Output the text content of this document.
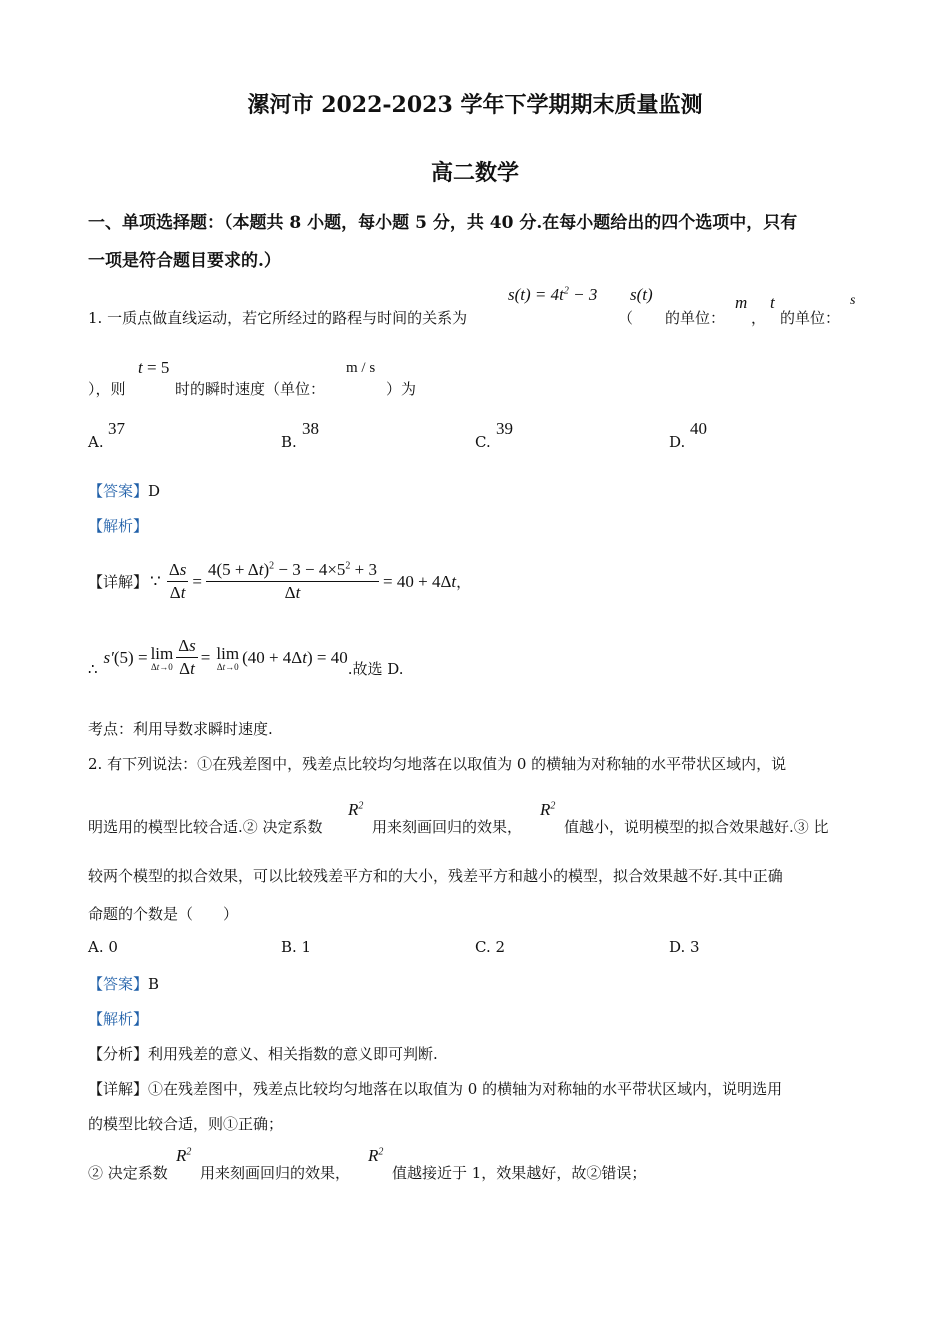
漯河市 2022-2023 学年下学期期末质量监测
高二数学
一、单项选择题：（本题共 8 小题，每小题 5 分，共 40 分.在每小题给出的四个选项中，只有
一项是符合题目要求的.）
1. 一质点做直线运动，若它所经过的路程与时间的关系为
$s(t) = 4t^2 - 3$
（
s(t)
的单位：
m
，
t
的单位：
s
），则
t = 5
时的瞬时速度（单位：
m / s
）为
A.
37
B.
38
C.
39
D.
40
【答案】D
【解析】
【详解】 ∵ $\frac{\Delta s}{\Delta t} = \frac{4(5 + \Delta t)^2 - 3 - 4\times 5^2 + 3}{\Delta t} = 40 + 4\Delta t$ ，
∴
s′ (5) = lim
$\Delta t\to 0 \frac{\Delta s}{\Delta t} = \lim$
Δt→0 (40 + 4Δt) = 40
.故选 D.
考点：利用导数求瞬时速度.
2. 有下列说法：①在残差图中，残差点比较均匀地落在以取值为 0 的横轴为对称轴的水平带状区域内，说
明选用的模型比较合适.② 决定系数
$R^2$
用来刻画回归的效果，
$R^2$
值越小，说明模型的拟合效果越好.③ 比
较两个模型的拟合效果，可以比较残差平方和的大小，残差平方和越小的模型，拟合效果越不好.其中正确
命题的个数是（　　）
A. 0	B. 1	C. 2	D. 3
【答案】B
【解析】
【分析】利用残差的意义、相关指数的意义即可判断.
【详解】①在残差图中，残差点比较均匀地落在以取值为 0 的横轴为对称轴的水平带状区域内，说明选用
的模型比较合适，则①正确；
② 决定系数
$R^2$
用来刻画回归的效果，
$R^2$
值越接近于 1，效果越好，故②错误；
